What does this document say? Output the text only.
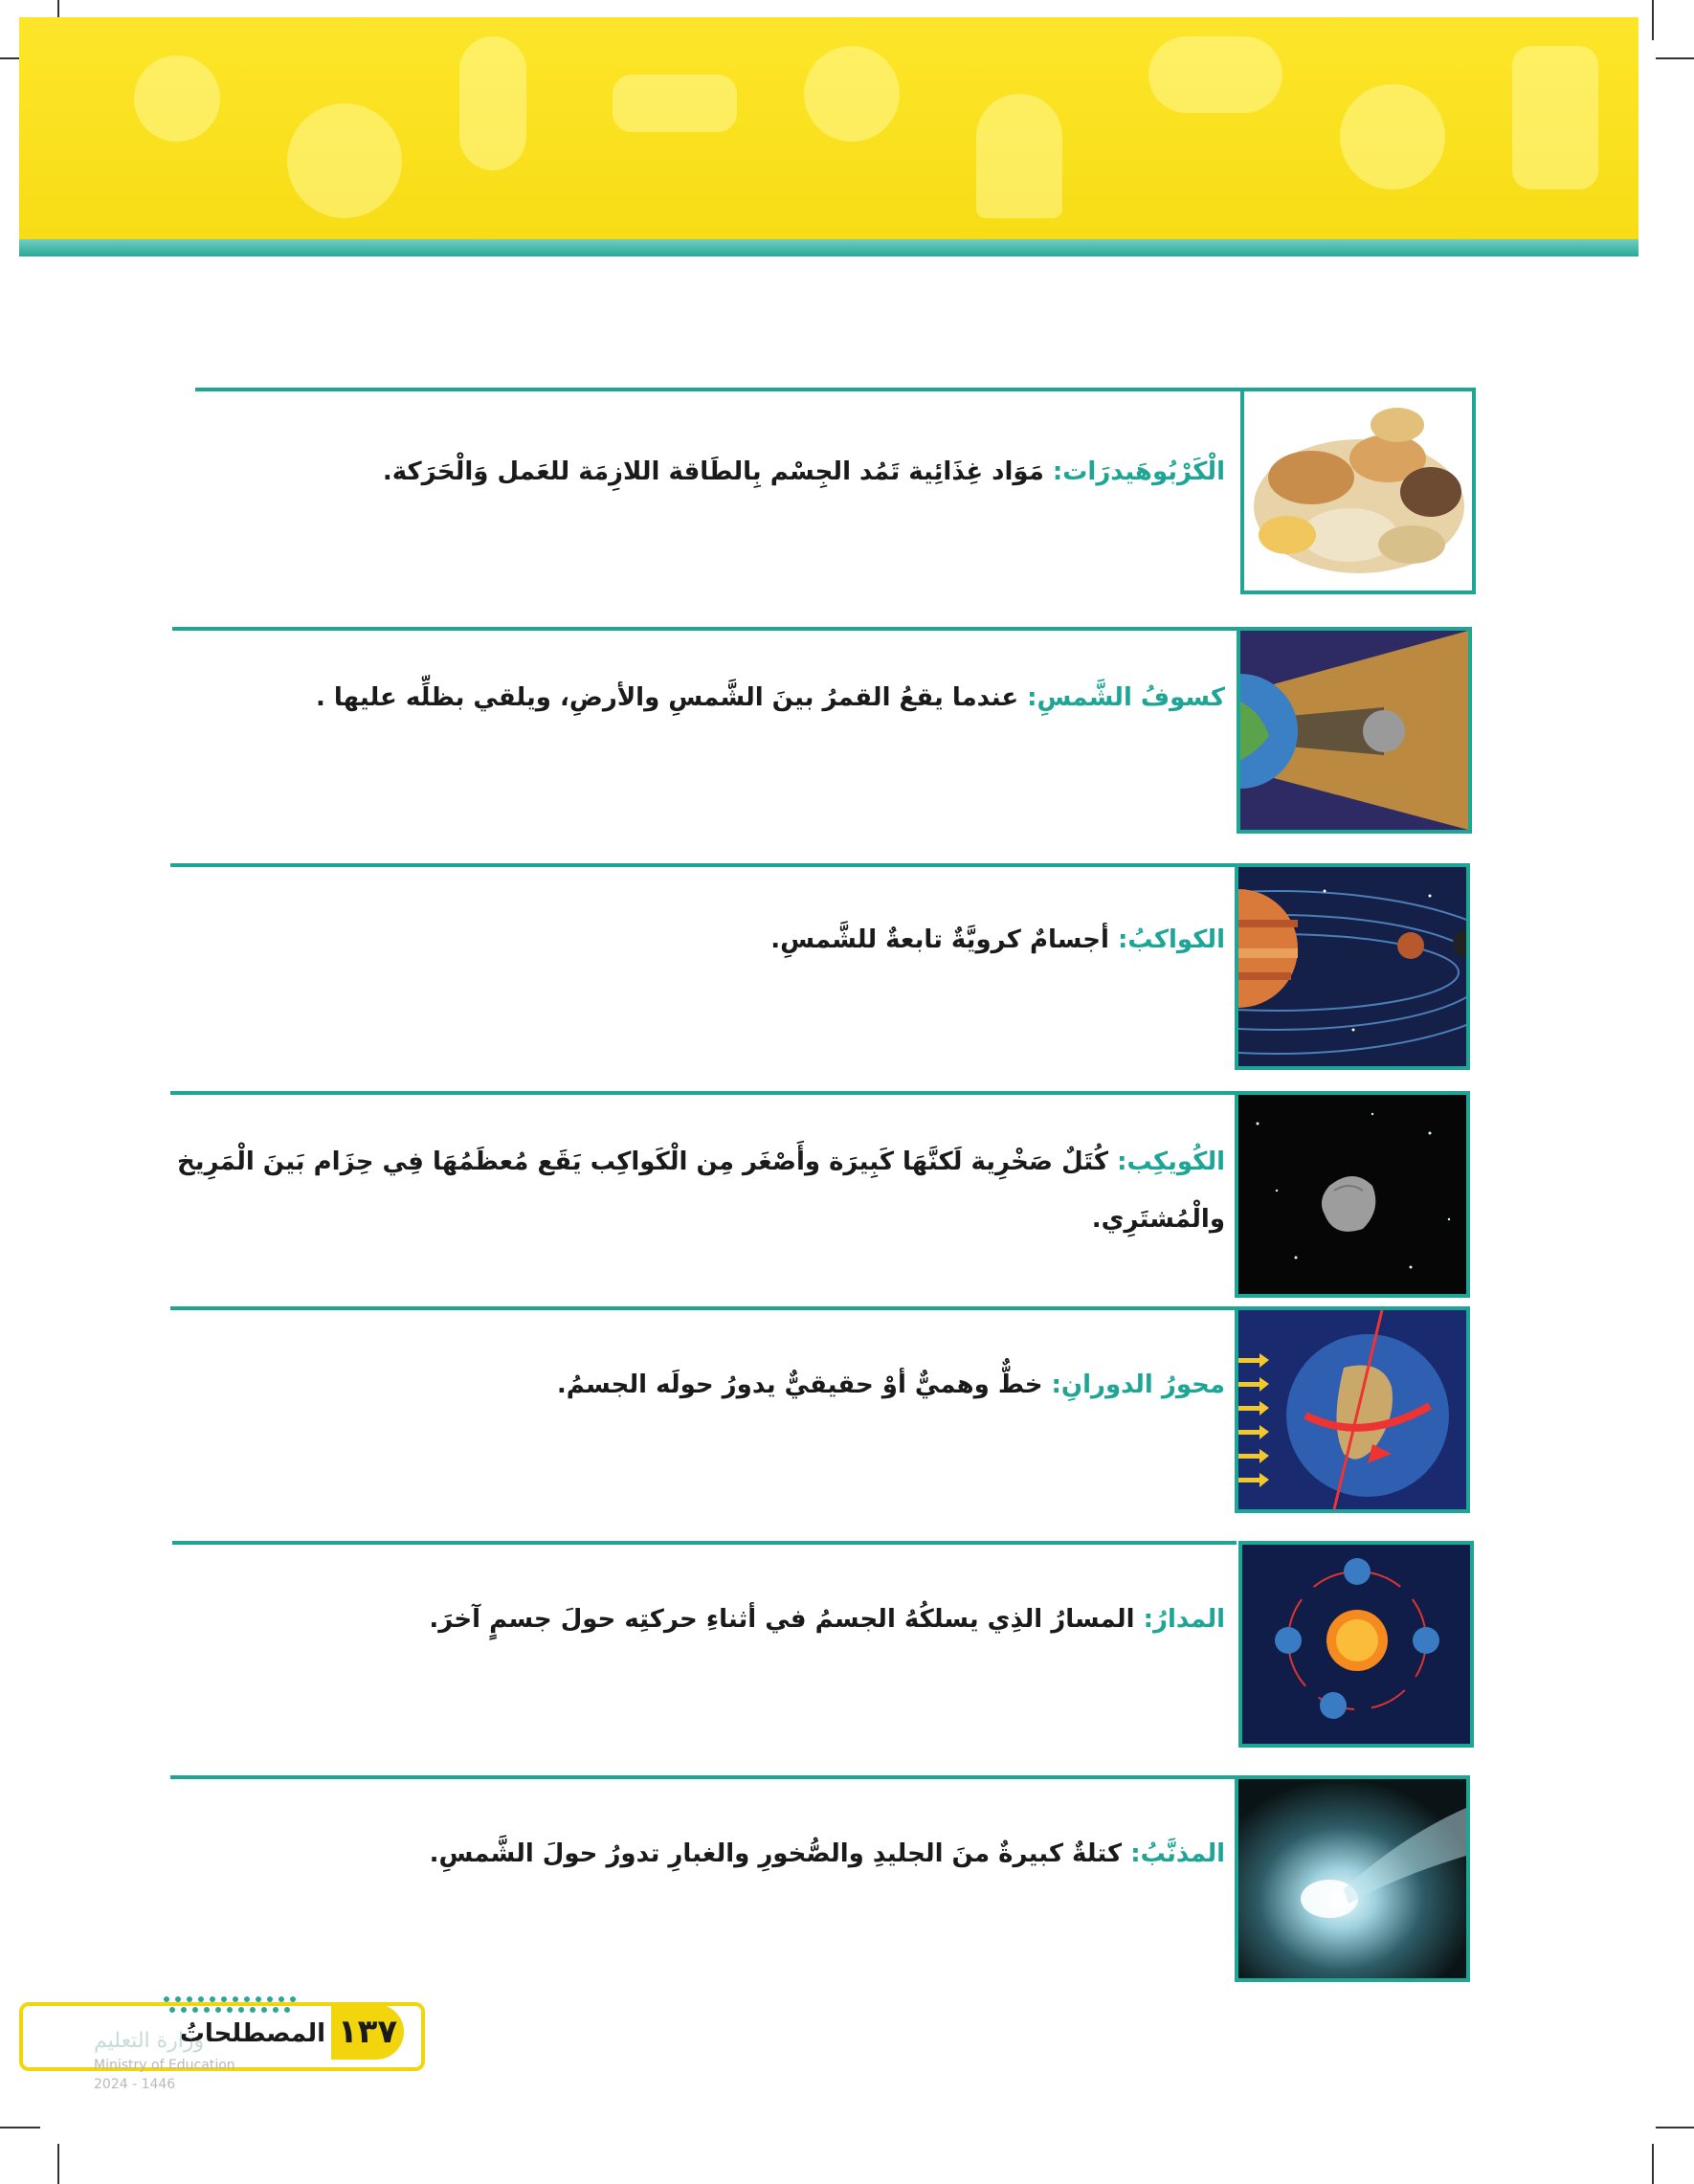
الْكَرْبُوهَيدرَات: مَوَاد غِذَائِية تَمُد الجِسْم بِالطَاقة اللازِمَة للعَمل وَالْحَرَكة.
كسوفُ الشَّمسِ: عندما يقعُ القمرُ بينَ الشَّمسِ والأرضِ، ويلقي بظلِّه عليها .
الكواكبُ: أجسامٌ كرويَّةٌ تابعةٌ للشَّمسِ.
الكُويكِب: كُتَلٌ صَخْرِية لَكنَّهَا كَبِيرَة وأَصْغَر مِن الْكَواكِب يَقَع مُعظَمُهَا فِي حِزَام بَينَ الْمَرِيخ والْمُشتَرِي.
محورُ الدورانِ: خطٌّ وهميٌّ أوْ حقيقيٌّ يدورُ حولَه الجسمُ.
المدارُ: المسارُ الذِي يسلكُهُ الجسمُ في أثناءِ حركتِه حولَ جسمٍ آخرَ.
المذنَّبُ: كتلةٌ كبيرةٌ منَ الجليدِ والصُّخورِ والغبارِ تدورُ حولَ الشَّمسِ.
١٣٧
المصطلحاتُ
وزارة التعليم
Ministry of Education
2024 - 1446
